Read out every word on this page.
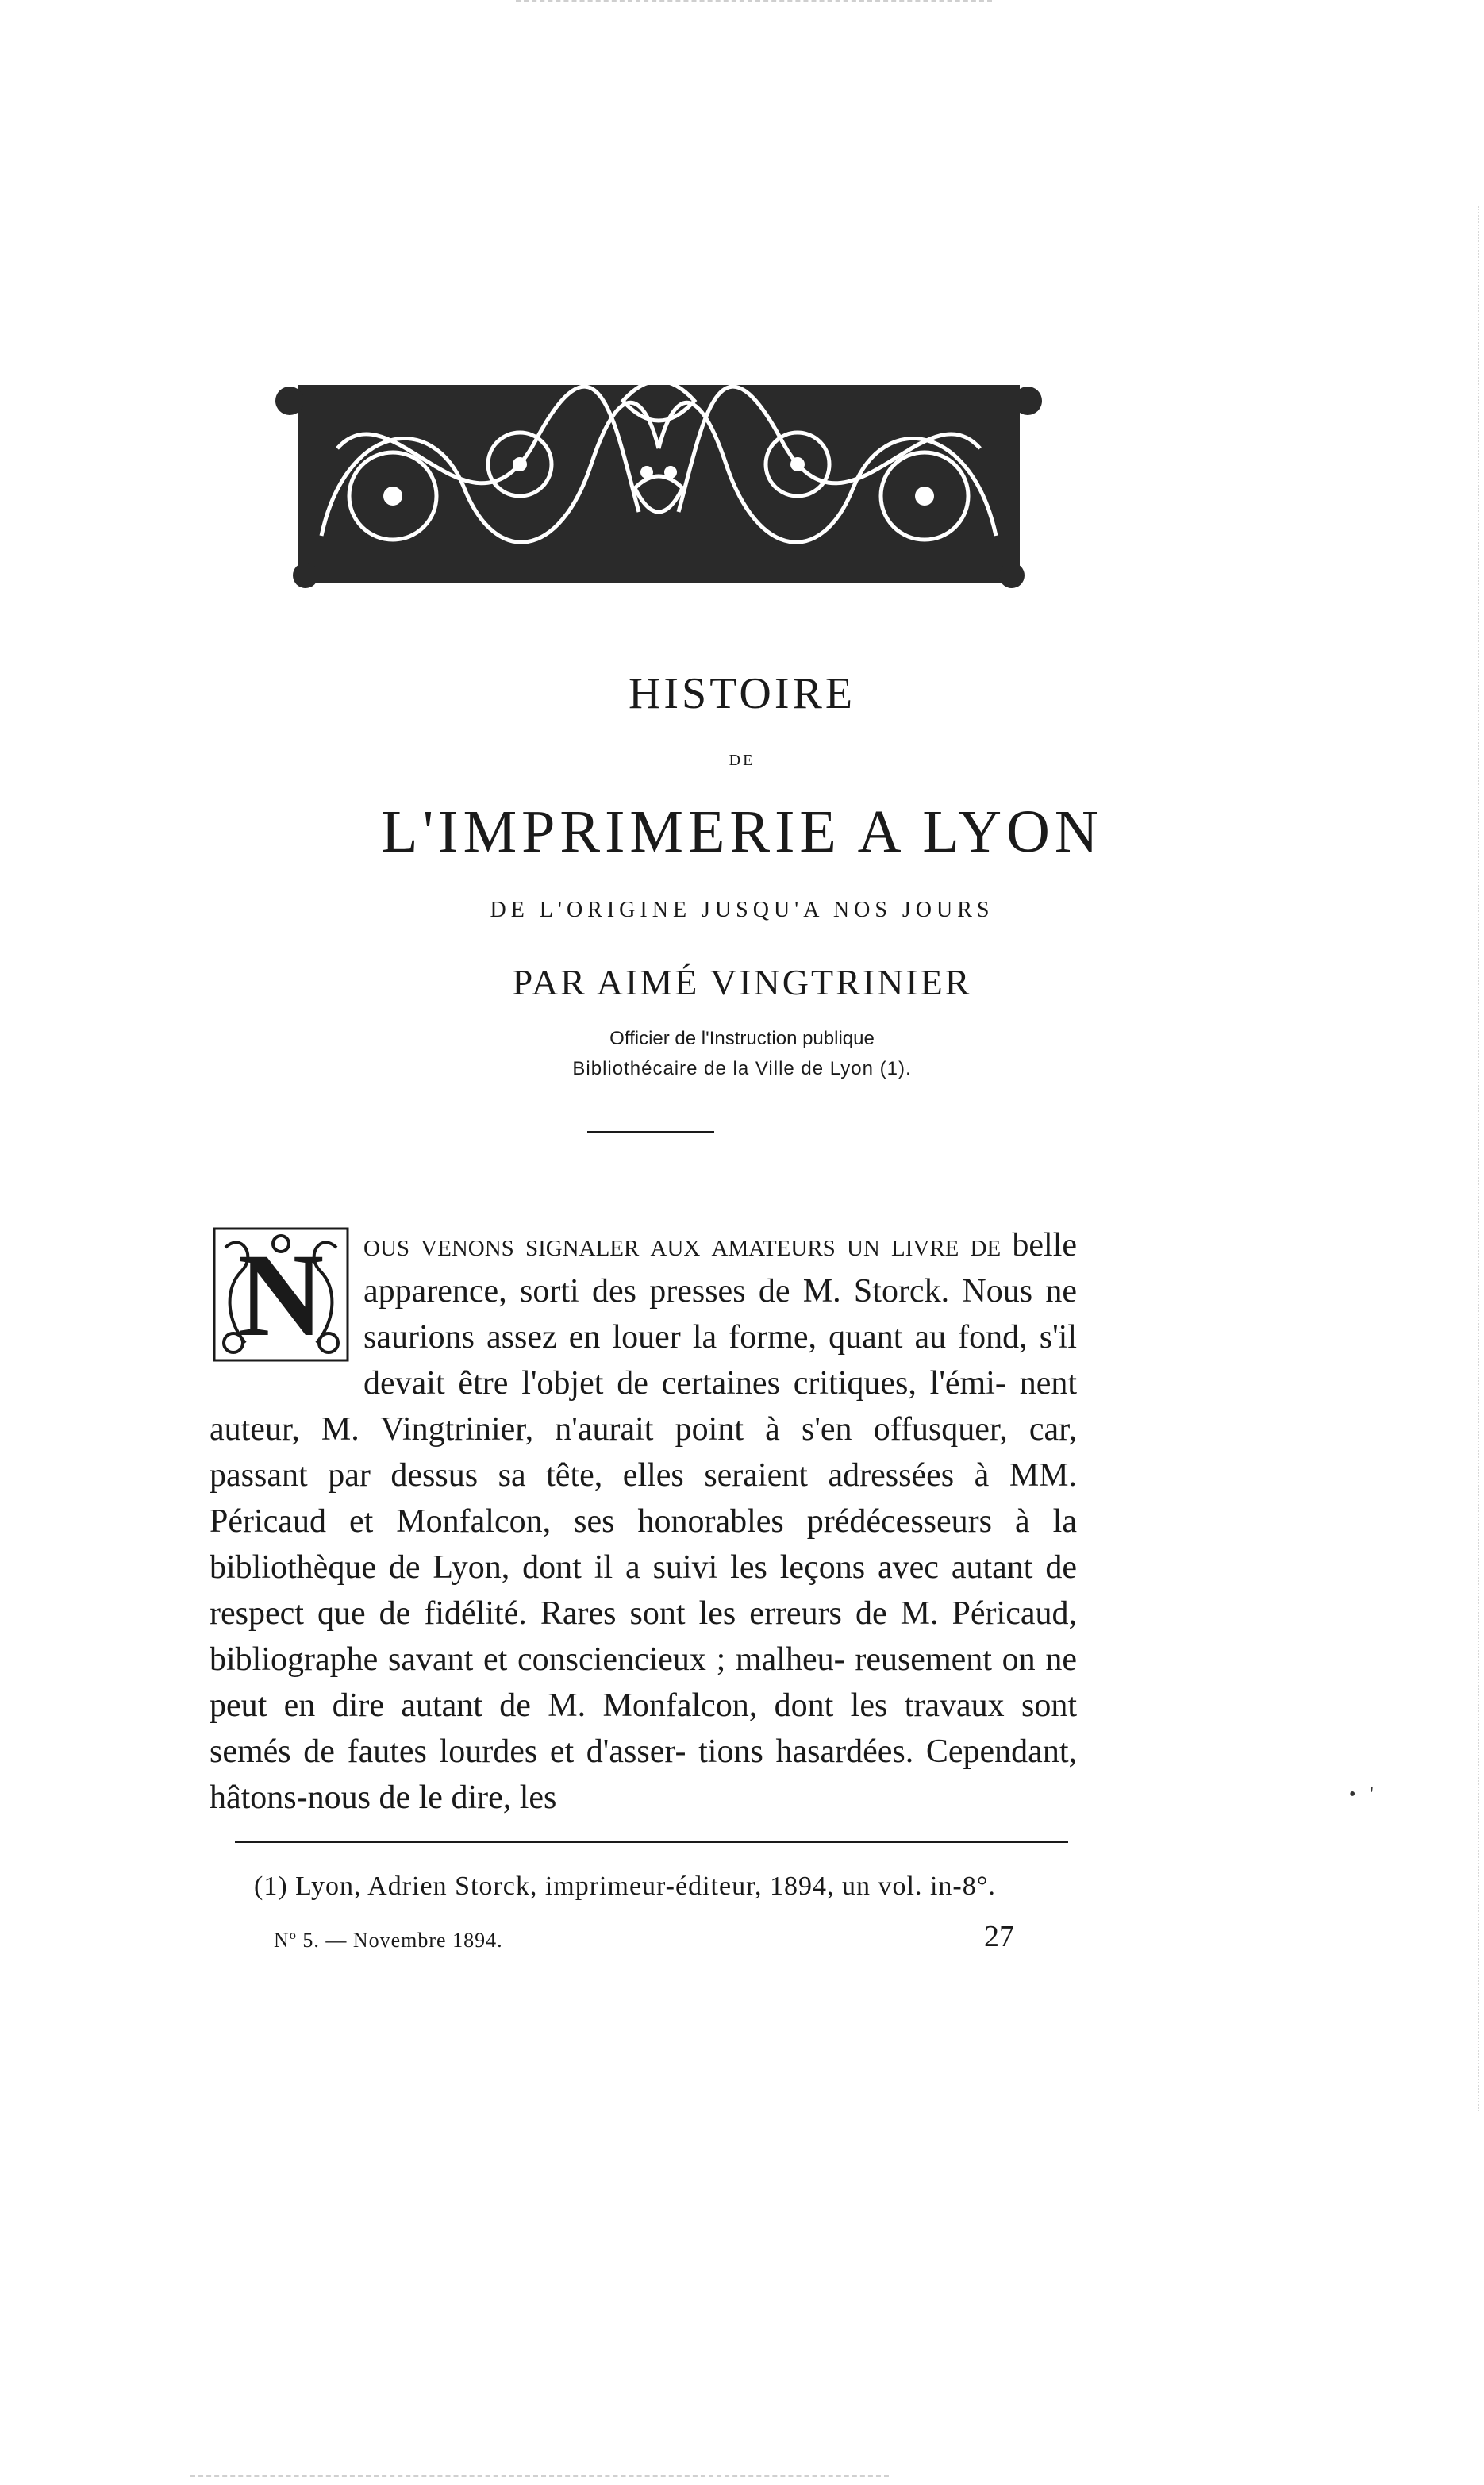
HISTOIRE
DE
L'IMPRIMERIE A LYON
DE L'ORIGINE JUSQU'A NOS JOURS
PAR AIMÉ VINGTRINIER
Officier de l'Instruction publique
Bibliothécaire de la Ville de Lyon (1).
N ous venons signaler aux amateurs un livre de belle apparence, sorti des presses de M. Storck. Nous ne saurions assez en louer la forme, quant au fond, s'il devait être l'objet de certaines critiques, l'émi- nent auteur, M. Vingtrinier, n'aurait point à s'en offusquer, car, passant par dessus sa tête, elles seraient adressées à MM. Péricaud et Monfalcon, ses honorables prédécesseurs à la bibliothèque de Lyon, dont il a suivi les leçons avec autant de respect que de fidélité. Rares sont les erreurs de M. Péricaud, bibliographe savant et consciencieux ; malheu- reusement on ne peut en dire autant de M. Monfalcon, dont les travaux sont semés de fautes lourdes et d'asser- tions hasardées. Cependant, hâtons-nous de le dire, les	•   '
(1) Lyon, Adrien Storck, imprimeur-éditeur, 1894, un vol. in-8°.
Nº 5. — Novembre 1894.	27
